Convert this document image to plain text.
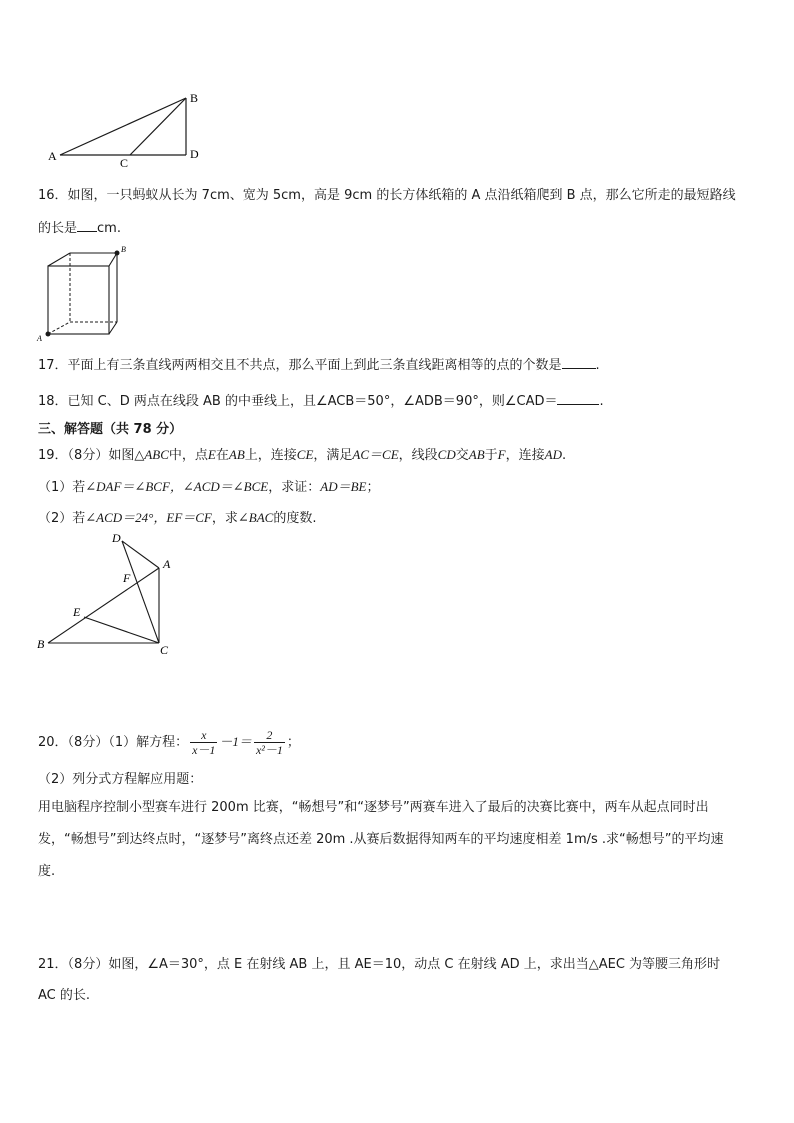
A
B
C
D
16．如图，一只蚂蚁从长为 7cm、宽为 5cm，高是 9cm 的长方体纸箱的 A 点沿纸箱爬到 B 点，那么它所走的最短路线
的长是 cm.
A
B
17．平面上有三条直线两两相交且不共点，那么平面上到此三条直线距离相等的点的个数是	.
18．已知 C、D 两点在线段 AB 的中垂线上，且∠ACB＝50°，∠ADB＝90°，则∠CAD＝	.
三、解答题（共 78 分）
19．（8分）如图△ABC中，点E在AB上，连接CE，满足AC＝CE，线段CD交AB于F，连接AD.
（1）若∠DAF＝∠BCF，∠ACD＝∠BCE，求证：AD＝BE；
（2）若∠ACD＝24°，EF＝CF，求∠BAC的度数.
D
A
F
E
B	C
20．（8分）（1）解方程： $\frac{x}{x-1} -1= \frac{2}{\text{x²－1}}$ ；
（2）列分式方程解应用题：
用电脑程序控制小型赛车进行 200m 比赛，“畅想号”和“逐梦号”两赛车进入了最后的决赛比赛中，两车从起点同时出
发，“畅想号”到达终点时，“逐梦号”离终点还差 20m .从赛后数据得知两车的平均速度相差 1m/s .求“畅想号”的平均速
度.
21．（8分）如图，∠A＝30°，点 E 在射线 AB 上，且 AE＝10，动点 C 在射线 AD 上，求出当△AEC 为等腰三角形时
AC 的长.
